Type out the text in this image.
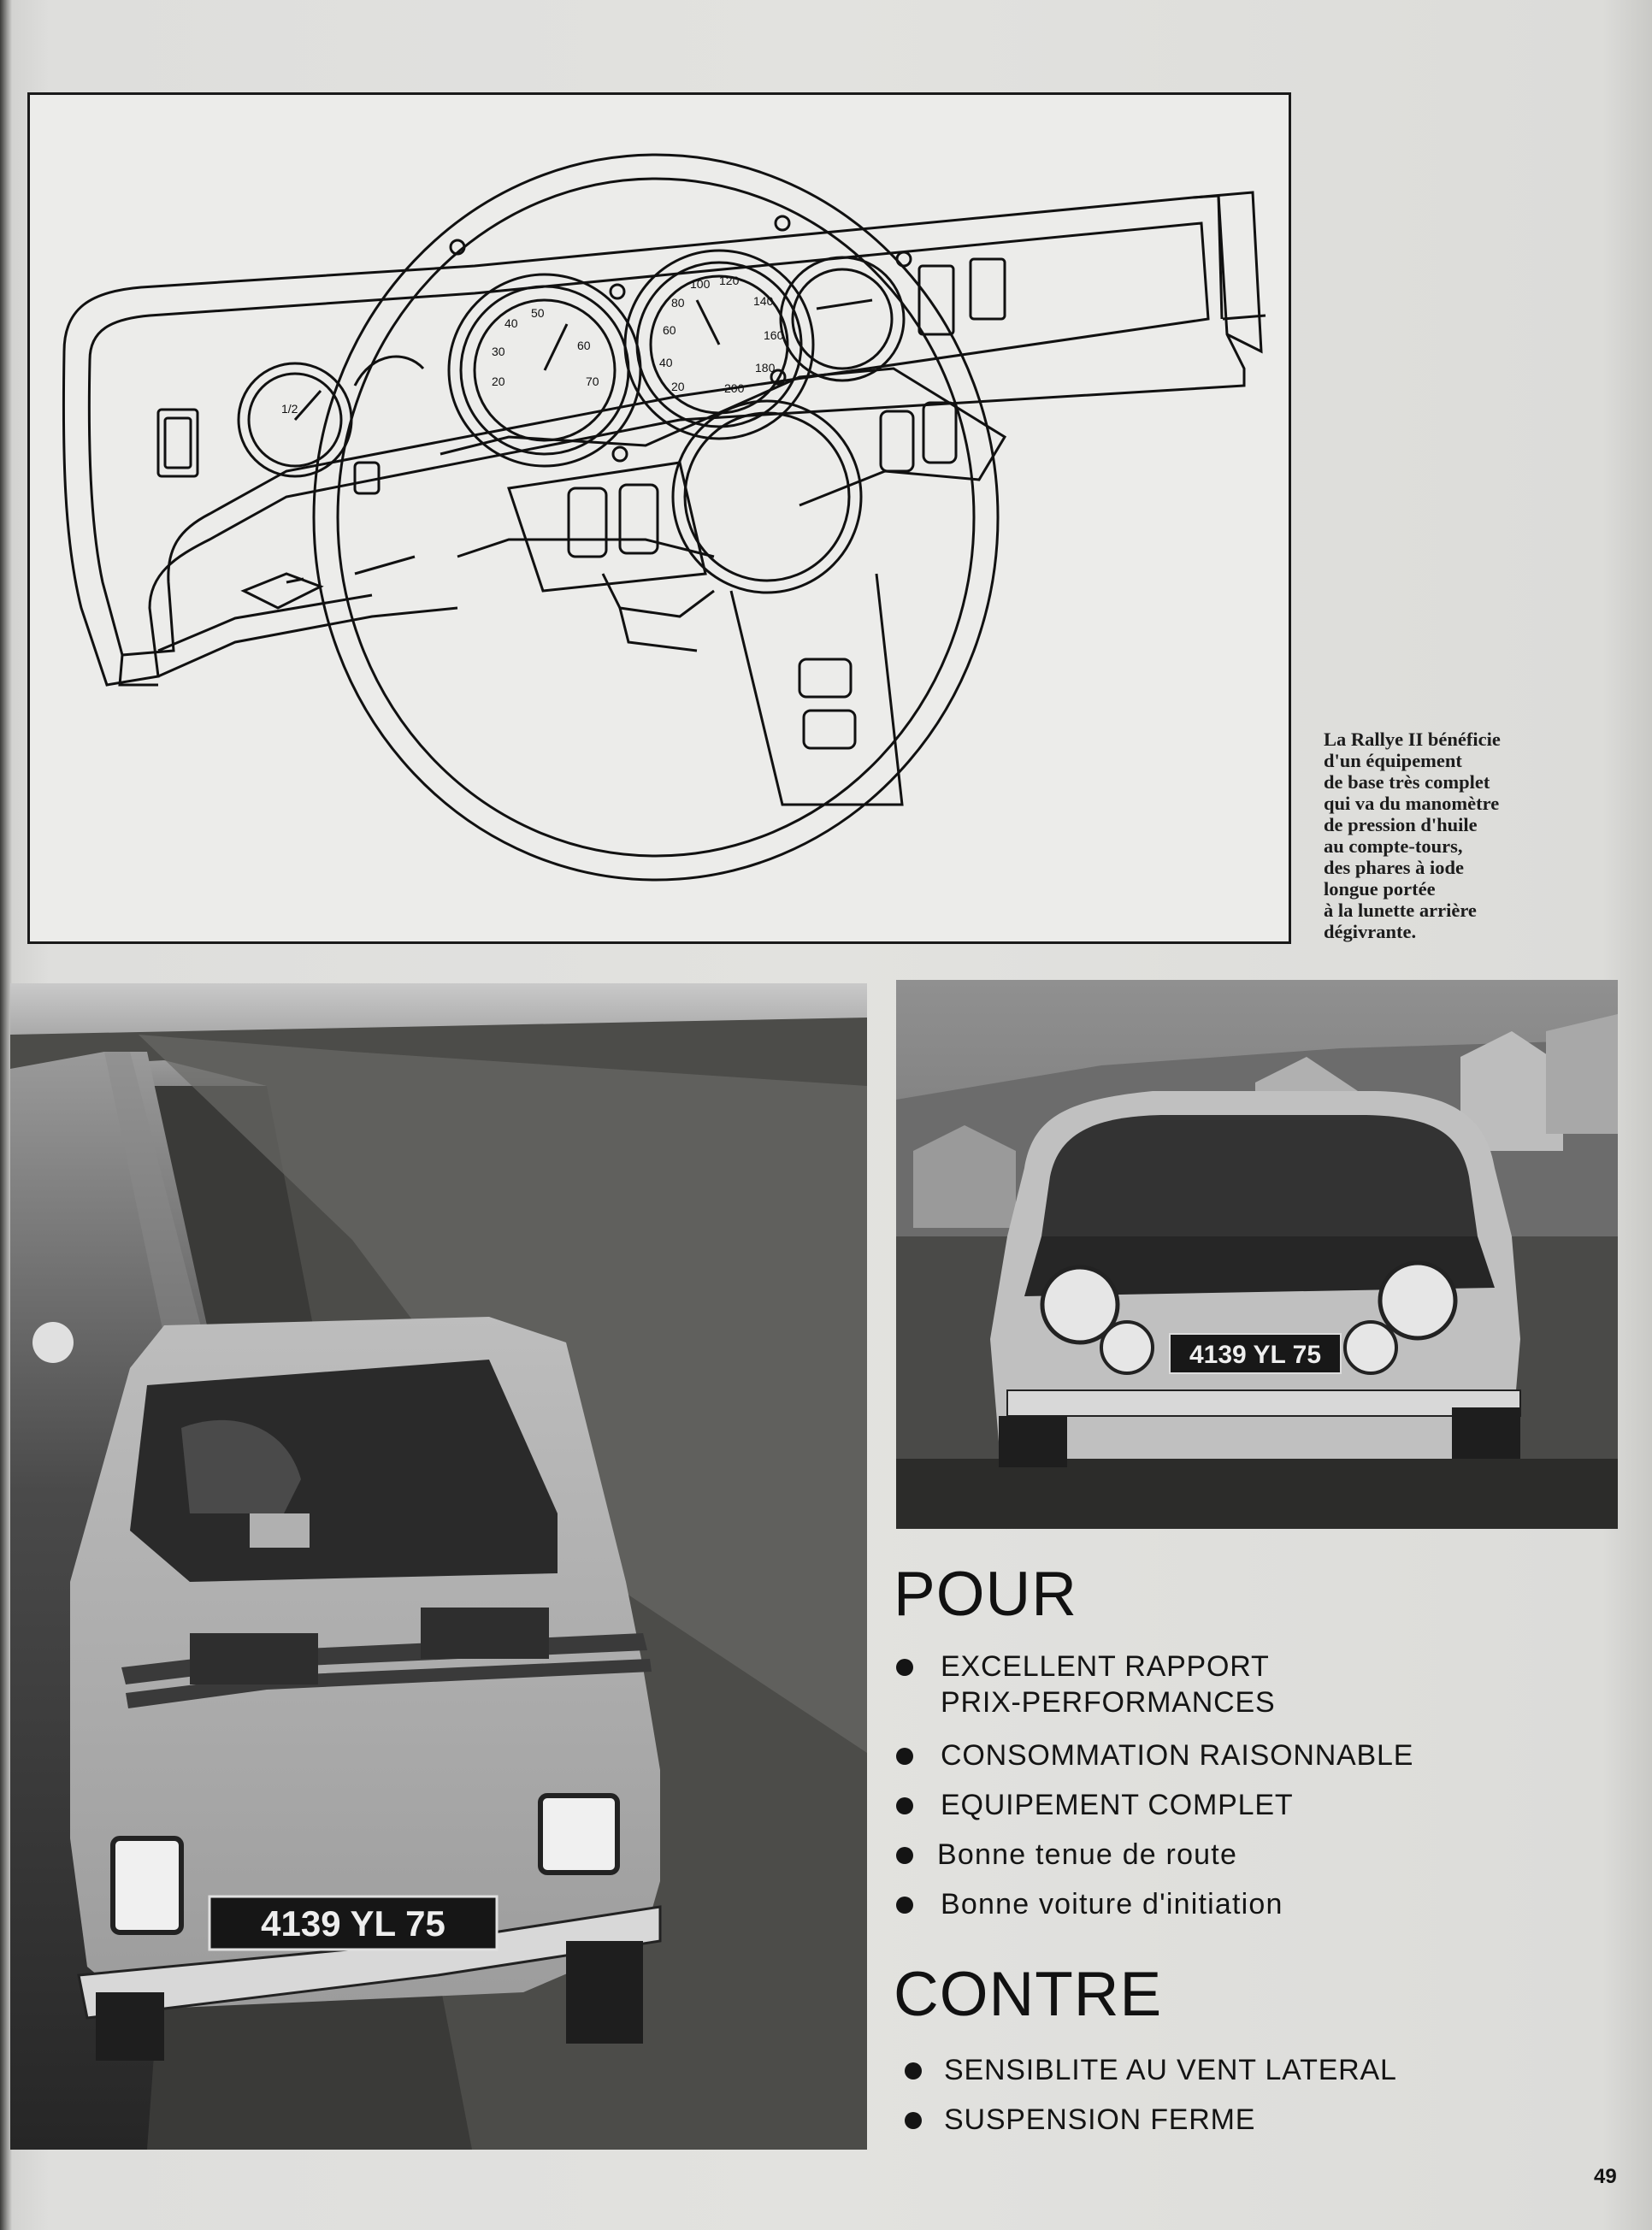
50
40
30
20
60
70
100 120
140
160
180
200
80
60
40
20
1/2
La Rallye II bénéficie
d'un équipement
de base très complet
qui va du manomètre
de pression d'huile
au compte-tours,
des phares à iode
longue portée
à la lunette arrière
dégivrante.
4139 YL 75
4139 YL 75
POUR
EXCELLENT RAPPORT
PRIX-PERFORMANCES
CONSOMMATION RAISONNABLE
EQUIPEMENT COMPLET
Bonne tenue de route
Bonne voiture d'initiation
CONTRE
SENSIBLITE AU VENT LATERAL
SUSPENSION FERME
49
